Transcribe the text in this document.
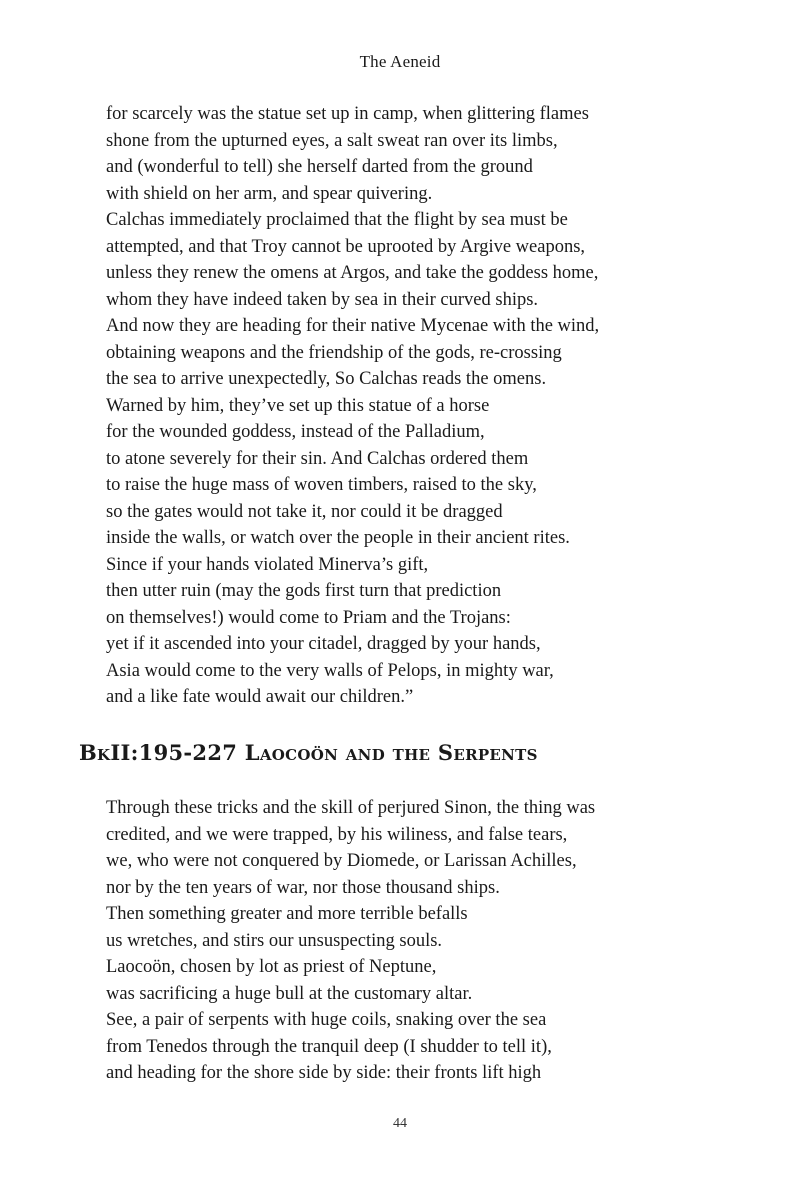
The Aeneid
for scarcely was the statue set up in camp, when glittering flames
shone from the upturned eyes, a salt sweat ran over its limbs,
and (wonderful to tell) she herself darted from the ground
with shield on her arm, and spear quivering.
Calchas immediately proclaimed that the flight by sea must be
attempted, and that Troy cannot be uprooted by Argive weapons,
unless they renew the omens at Argos, and take the goddess home,
whom they have indeed taken by sea in their curved ships.
And now they are heading for their native Mycenae with the wind,
obtaining weapons and the friendship of the gods, re-crossing
the sea to arrive unexpectedly, So Calchas reads the omens.
Warned by him, they’ve set up this statue of a horse
for the wounded goddess, instead of the Palladium,
to atone severely for their sin. And Calchas ordered them
to raise the huge mass of woven timbers, raised to the sky,
so the gates would not take it, nor could it be dragged
inside the walls, or watch over the people in their ancient rites.
Since if your hands violated Minerva’s gift,
then utter ruin (may the gods first turn that prediction
on themselves!) would come to Priam and the Trojans:
yet if it ascended into your citadel, dragged by your hands,
Asia would come to the very walls of Pelops, in mighty war,
and a like fate would await our children.”
BkII:195-227 Laocoön and the Serpents
Through these tricks and the skill of perjured Sinon, the thing was
credited, and we were trapped, by his wiliness, and false tears,
we, who were not conquered by Diomede, or Larissan Achilles,
nor by the ten years of war, nor those thousand ships.
Then something greater and more terrible befalls
us wretches, and stirs our unsuspecting souls.
Laocoön, chosen by lot as priest of Neptune,
was sacrificing a huge bull at the customary altar.
See, a pair of serpents with huge coils, snaking over the sea
from Tenedos through the tranquil deep (I shudder to tell it),
and heading for the shore side by side: their fronts lift high
44
